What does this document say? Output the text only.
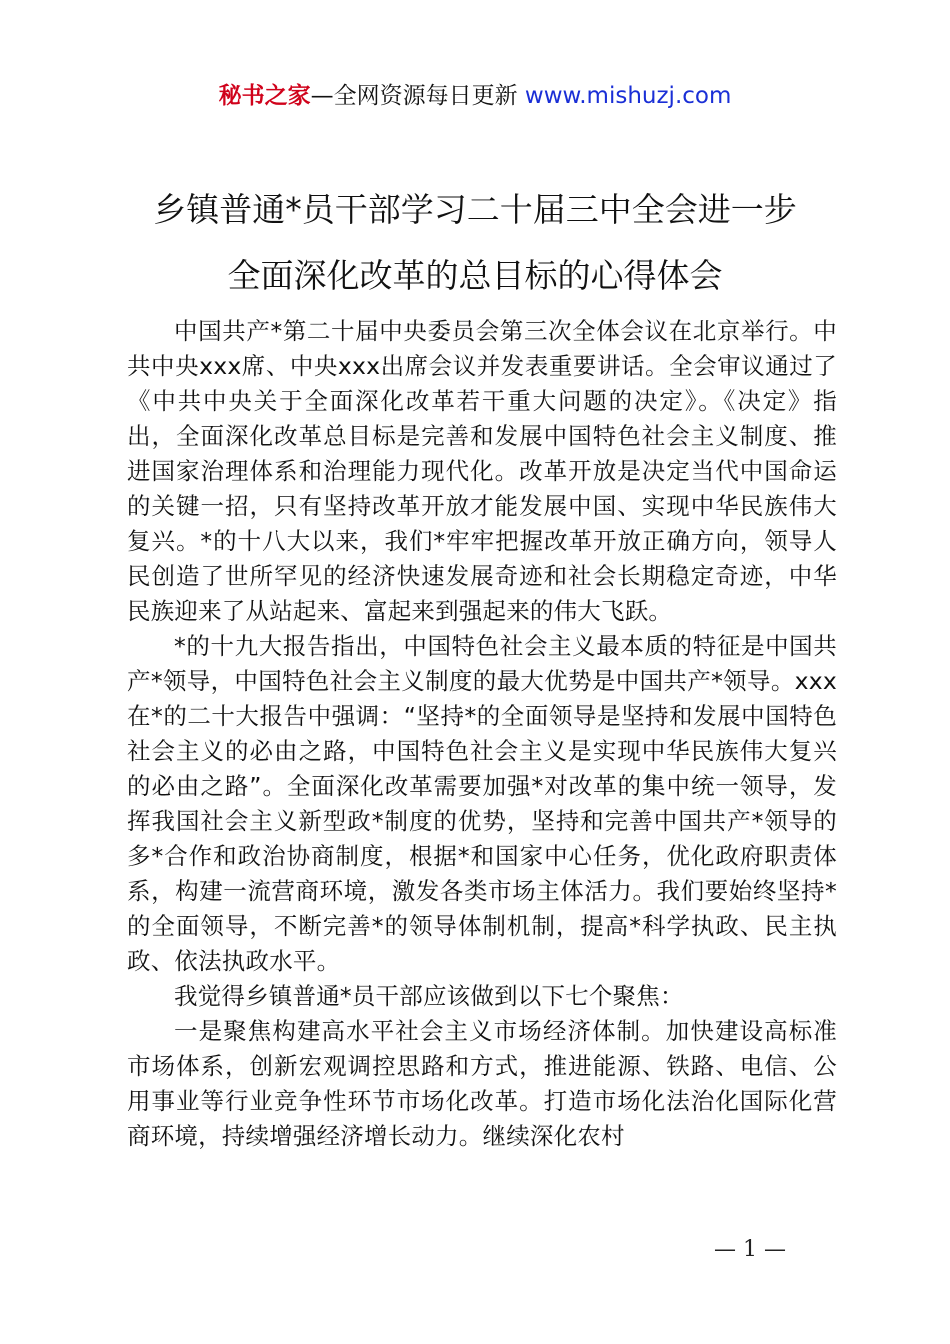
秘书之家—全网资源每日更新 www.mishuzj.com
乡镇普通*员干部学习二十届三中全会进一步
全面深化改革的总目标的心得体会

中国共产*第二十届中央委员会第三次全体会议在北京举行。中共中央xxx席、中央xxx出席会议并发表重要讲话。全会审议通过了《中共中央关于全面深化改革若干重大问题的决定》。《决定》指出，全面深化改革总目标是完善和发展中国特色社会主义制度、推进国家治理体系和治理能力现代化。改革开放是决定当代中国命运的关键一招，只有坚持改革开放才能发展中国、实现中华民族伟大复兴。*的十八大以来，我们*牢牢把握改革开放正确方向，领导人民创造了世所罕见的经济快速发展奇迹和社会长期稳定奇迹，中华民族迎来了从站起来、富起来到强起来的伟大飞跃。

*的十九大报告指出，中国特色社会主义最本质的特征是中国共产*领导，中国特色社会主义制度的最大优势是中国共产*领导。xxx在*的二十大报告中强调：“坚持*的全面领导是坚持和发展中国特色社会主义的必由之路，中国特色社会主义是实现中华民族伟大复兴的必由之路”。全面深化改革需要加强*对改革的集中统一领导，发挥我国社会主义新型政*制度的优势，坚持和完善中国共产*领导的多*合作和政治协商制度，根据*和国家中心任务，优化政府职责体系，构建一流营商环境，激发各类市场主体活力。我们要始终坚持*的全面领导，不断完善*的领导体制机制，提高*科学执政、民主执政、依法执政水平。

我觉得乡镇普通*员干部应该做到以下七个聚焦：

一是聚焦构建高水平社会主义市场经济体制。加快建设高标准市场体系，创新宏观调控思路和方式，推进能源、铁路、电信、公用事业等行业竞争性环节市场化改革。打造市场化法治化国际化营商环境，持续增强经济增长动力。继续深化农村

— 1 —
